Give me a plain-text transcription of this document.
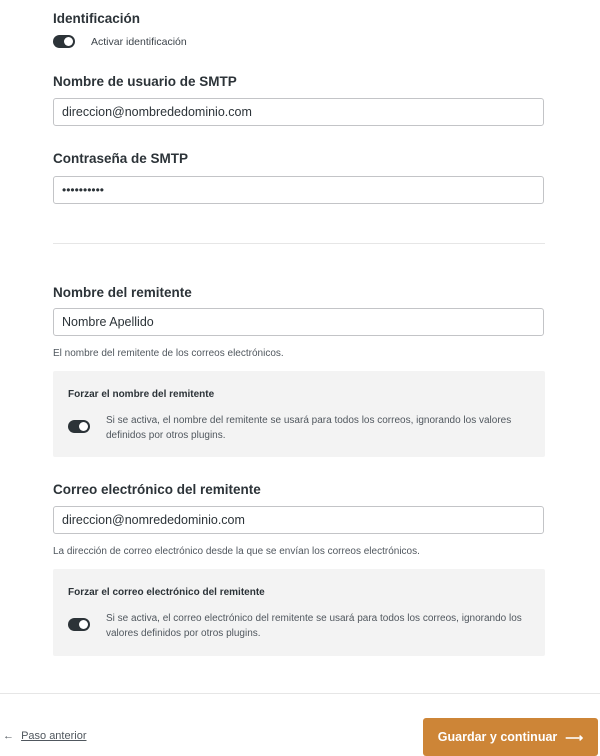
Identificación
Activar identificación
Nombre de usuario de SMTP
direccion@nombrededominio.com
Contraseña de SMTP
••••••••••
Nombre del remitente
Nombre Apellido
El nombre del remitente de los correos electrónicos.
Forzar el nombre del remitente
Si se activa, el nombre del remitente se usará para todos los correos, ignorando los valores definidos por otros plugins.
Correo electrónico del remitente
direccion@nomrededominio.com
La dirección de correo electrónico desde la que se envían los correos electrónicos.
Forzar el correo electrónico del remitente
Si se activa, el correo electrónico del remitente se usará para todos los correos, ignorando los valores definidos por otros plugins.
← Paso anterior	Guardar y continuar ⟶
